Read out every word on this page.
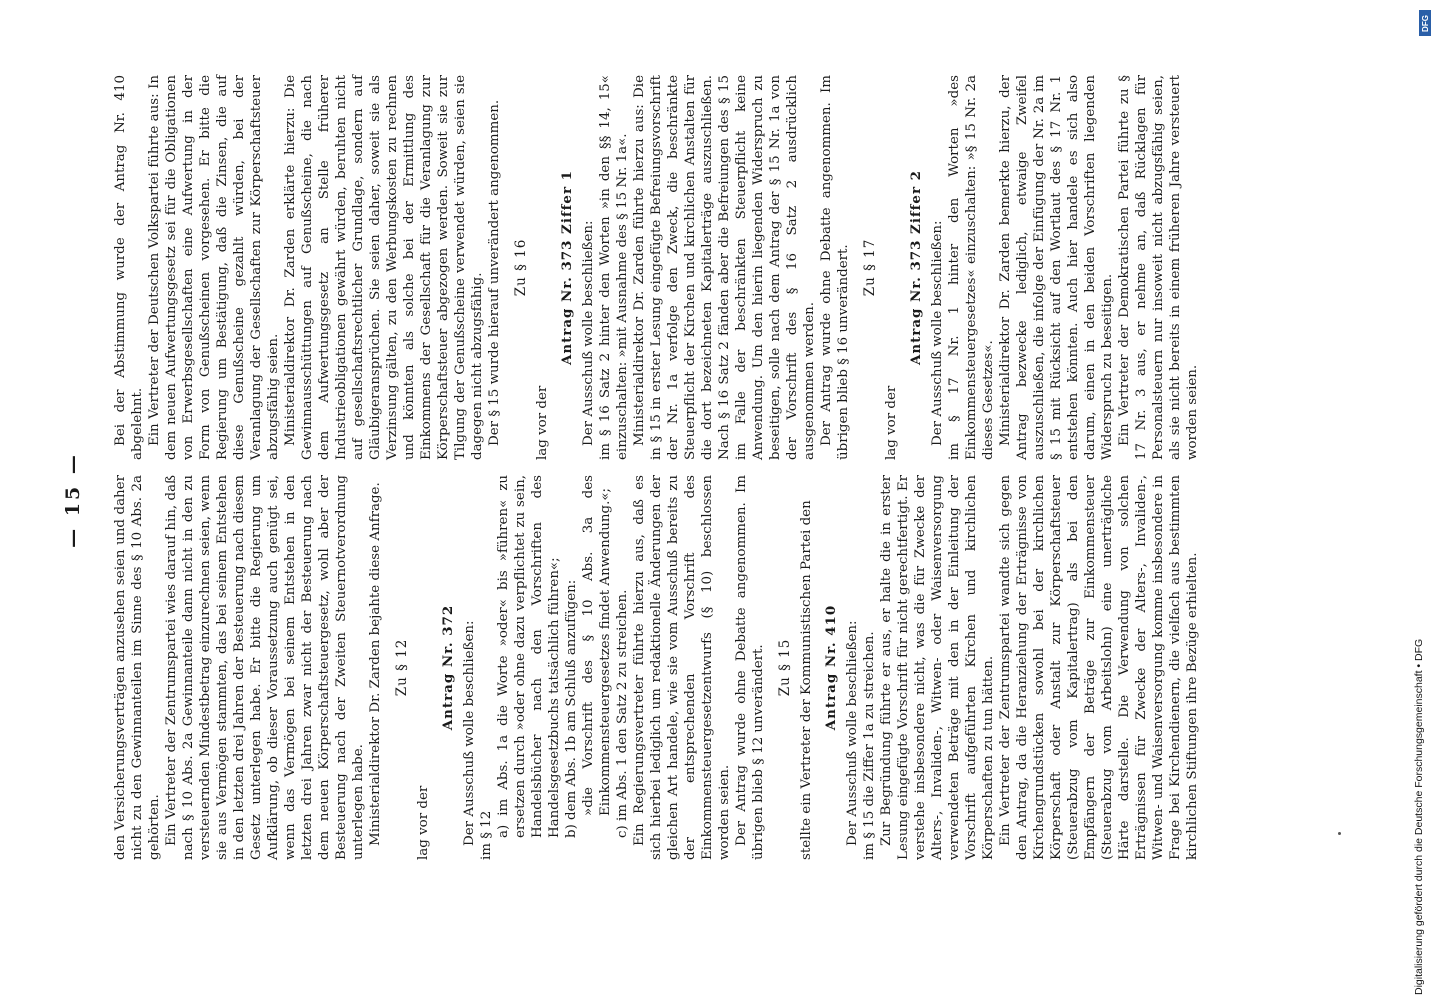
— 15 — den Versicherungsverträgen anzusehen seien und daher nicht zu den Gewinnanteilen im Sinne des § 10 Abs. 2a gehörten. Ein Vertreter der Zentrumspartei wies darauf hin, daß nach § 10 Abs. 2a Gewinnanteile dann nicht in den zu versteuernden Mindestbetrag einzurechnen seien, wenn sie aus Vermögen stammten, das bei seinem Entstehen in den letzten drei Jahren der Besteuerung nach diesem Gesetz unterlegen habe. Er bitte die Regierung um Aufklärung, ob dieser Voraussetzung auch genügt sei, wenn das Vermögen bei seinem Entstehen in den letzten drei Jahren zwar nicht der Besteuerung nach dem neuen Körperschaftsteuergesetz, wohl aber der Besteuerung nach der Zweiten Steuernotverordnung unterlegen habe. Ministerialdirektor Dr. Zarden bejahte diese Anfrage. Zu § 12

lag vor der

Antrag Nr. 372 Der Ausschuß wolle beschließen: im § 12 a) im Abs. 1a die Worte »oder« bis »führen« zu ersetzen durch »oder ohne dazu verpflichtet zu sein, Handelsbücher nach den Vorschriften des Handelsgesetzbuchs tatsächlich führen«; b) dem Abs. 1b am Schluß anzufügen: »die Vorschrift des § 10 Abs. 3a des Einkommensteuergesetzes findet Anwendung.«; c) im Abs. 1 den Satz 2 zu streichen. Ein Regierungsvertreter führte hierzu aus, daß es sich hierbei lediglich um redaktionelle Änderungen der gleichen Art handele, wie sie vom Ausschuß bereits zu der entsprechenden Vorschrift des Einkommensteuergesetzentwurfs (§ 10) beschlossen worden seien. Der Antrag wurde ohne Debatte angenommen. Im übrigen blieb § 12 unverändert. Zu § 15 stellte ein Vertreter der Kommunistischen Partei den Antrag Nr. 410 Der Ausschuß wolle beschließen: im § 15 die Ziffer 1a zu streichen. Zur Begründung führte er aus, er halte die in erster Lesung eingefügte Vorschrift für nicht gerechtfertigt. Er verstehe insbesondere nicht, was die für Zwecke der Alters-, Invaliden-, Witwen- oder Waisenversorgung verwendeten Beträge mit den in der Einleitung der Vorschrift aufgeführten Kirchen und kirchlichen Körperschaften zu tun hätten. Ein Vertreter der Zentrumspartei wandte sich gegen den Antrag, da die Heranziehung der Erträgnisse von Kirchengrundstücken sowohl bei der kirchlichen Körperschaft oder Anstalt zur Körperschaftsteuer (Steuerabzug vom Kapitalertrag) als bei den Empfängern der Beträge zur Einkommensteuer (Steuerabzug vom Arbeitslohn) eine unerträgliche Härte darstelle. Die Verwendung von solchen Erträgnissen für Zwecke der Alters-, Invaliden-, Witwen- und Waisenversorgung komme insbesondere in Frage bei Kirchendienern, die vielfach aus bestimmten kirchlichen Stiftungen ihre Bezüge erhielten.

Bei der Abstimmung wurde der Antrag Nr. 410 abgelehnt. Ein Vertreter der Deutschen Volkspartei führte aus: In dem neuen Aufwertungsgesetz sei für die Obligationen von Erwerbsgesellschaften eine Aufwertung in der Form von Genußscheinen vorgesehen. Er bitte die Regierung um Bestätigung, daß die Zinsen, die auf diese Genußscheine gezahlt würden, bei der Veranlagung der Gesellschaften zur Körperschaftsteuer abzugsfähig seien. Ministerialdirektor Dr. Zarden erklärte hierzu: Die Gewinnausschüttungen auf Genußscheine, die nach dem Aufwertungsgesetz an Stelle früherer Industrieobligationen gewährt würden, beruhten nicht auf gesellschaftsrechtlicher Grundlage, sondern auf Gläubigeransprüchen. Sie seien daher, soweit sie als Verzinsung gälten, zu den Werbungskosten zu rechnen und könnten als solche bei der Ermittlung des Einkommens der Gesellschaft für die Veranlagung zur Körperschaftsteuer abgezogen werden. Soweit sie zur Tilgung der Genußscheine verwendet würden, seien sie dagegen nicht abzugsfähig. Der § 15 wurde hierauf unverändert angenommen. Zu § 16

lag vor der

Antrag Nr. 373 Ziffer 1 Der Ausschuß wolle beschließen: im § 16 Satz 2 hinter den Worten »in den §§ 14, 15« einzuschalten: »mit Ausnahme des § 15 Nr. 1a«. Ministerialdirektor Dr. Zarden führte hierzu aus: Die in § 15 in erster Lesung eingefügte Befreiungsvorschrift der Nr. 1a verfolge den Zweck, die beschränkte Steuerpflicht der Kirchen und kirchlichen Anstalten für die dort bezeichneten Kapitalerträge auszuschließen. Nach § 16 Satz 2 fänden aber die Befreiungen des § 15 im Falle der beschränkten Steuerpflicht keine Anwendung. Um den hierin liegenden Widerspruch zu beseitigen, solle nach dem Antrag der § 15 Nr. 1a von der Vorschrift des § 16 Satz 2 ausdrücklich ausgenommen werden. Der Antrag wurde ohne Debatte angenommen. Im übrigen blieb § 16 unverändert. Zu § 17

lag vor der

Antrag Nr. 373 Ziffer 2 Der Ausschuß wolle beschließen: im § 17 Nr. 1 hinter den Worten »des Einkommensteuergesetzes« einzuschalten: »§ 15 Nr. 2a dieses Gesetzes«. Ministerialdirektor Dr. Zarden bemerkte hierzu, der Antrag bezwecke lediglich, etwaige Zweifel auszuschließen, die infolge der Einfügung der Nr. 2a im § 15 mit Rücksicht auf den Wortlaut des § 17 Nr. 1 entstehen könnten. Auch hier handele es sich also darum, einen in den beiden Vorschriften liegenden Widerspruch zu beseitigen. Ein Vertreter der Demokratischen Partei führte zu § 17 Nr. 3 aus, er nehme an, daß Rücklagen für Personalsteuern nur insoweit nicht abzugsfähig seien, als sie nicht bereits in einem früheren Jahre versteuert worden seien.

DFG
Digitalisierung gefördert durch die Deutsche Forschungsgemeinschaft • DFG
